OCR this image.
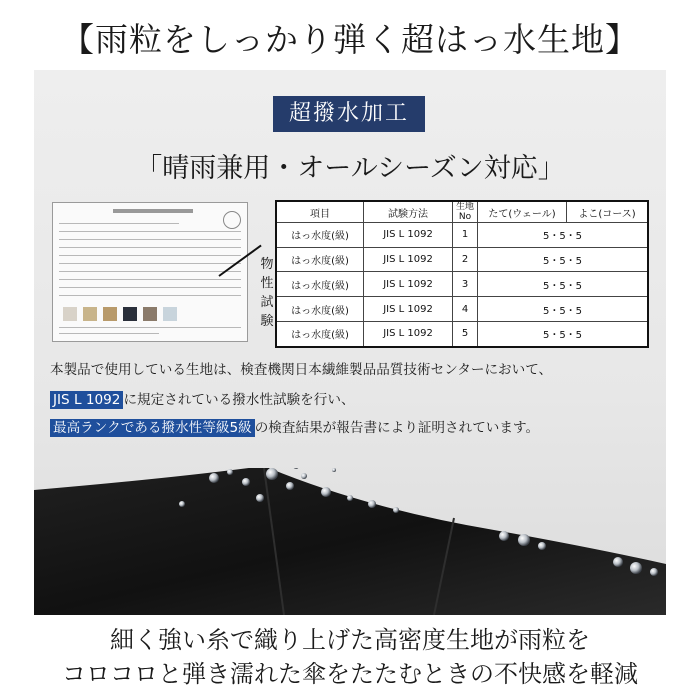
【雨粒をしっかり弾く超はっ水生地】
超撥水加工
「晴雨兼用・オールシーズン対応」
物性試験
項目	試験方法	生地No	たて(ウェール)	よこ(コース)
はっ水度(級)	JIS L 1092	1	5・5・5	
はっ水度(級)	JIS L 1092	2	5・5・5	
はっ水度(級)	JIS L 1092	3	5・5・5	
はっ水度(級)	JIS L 1092	4	5・5・5	
はっ水度(級)	JIS L 1092	5	5・5・5	
本製品で使用している生地は、検査機関日本繊維製品品質技術センターにおいて、
JIS L 1092 に規定されている撥水性試験を行い、
最高ランクである撥水性等級5級 の検査結果が報告書により証明されています。
細く強い糸で織り上げた高密度生地が雨粒を
コロコロと弾き濡れた傘をたたむときの不快感を軽減
